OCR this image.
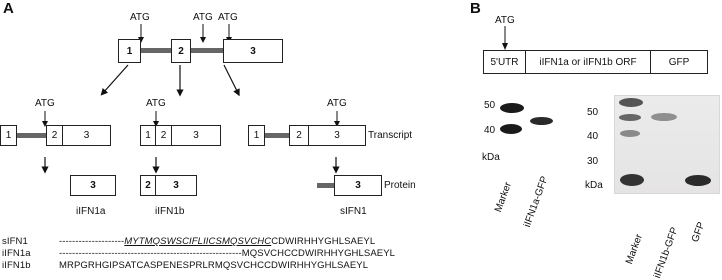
A	B
ATG	ATG ATG
1	2	3
ATG	ATG	ATG
1	2	3	1 2	3	1	2	3	Transcript
3	2 3	3 Protein
iIFN1a	iIFN1b	sIFN1
sIFN1	--------------------MYTMQSWSCIFLIICSMQSVCHCCDWIRHHYGHLSAEYL
iIFN1a	--------------------------------------------------------MQSVCHCCDWIRHHYGHLSAEYL
iIFN1b	MRPGRHGIPSATCASPENESPRLRMQSVCHCCDWIRHHYGHLSAEYL
ATG
5'UTR iIFN1a or iIFN1b ORF	GFP
50
40
kDa
Marker iIFN1a-GFP
50
40
30
kDa
Marker iIFN1b-GFP GFP
